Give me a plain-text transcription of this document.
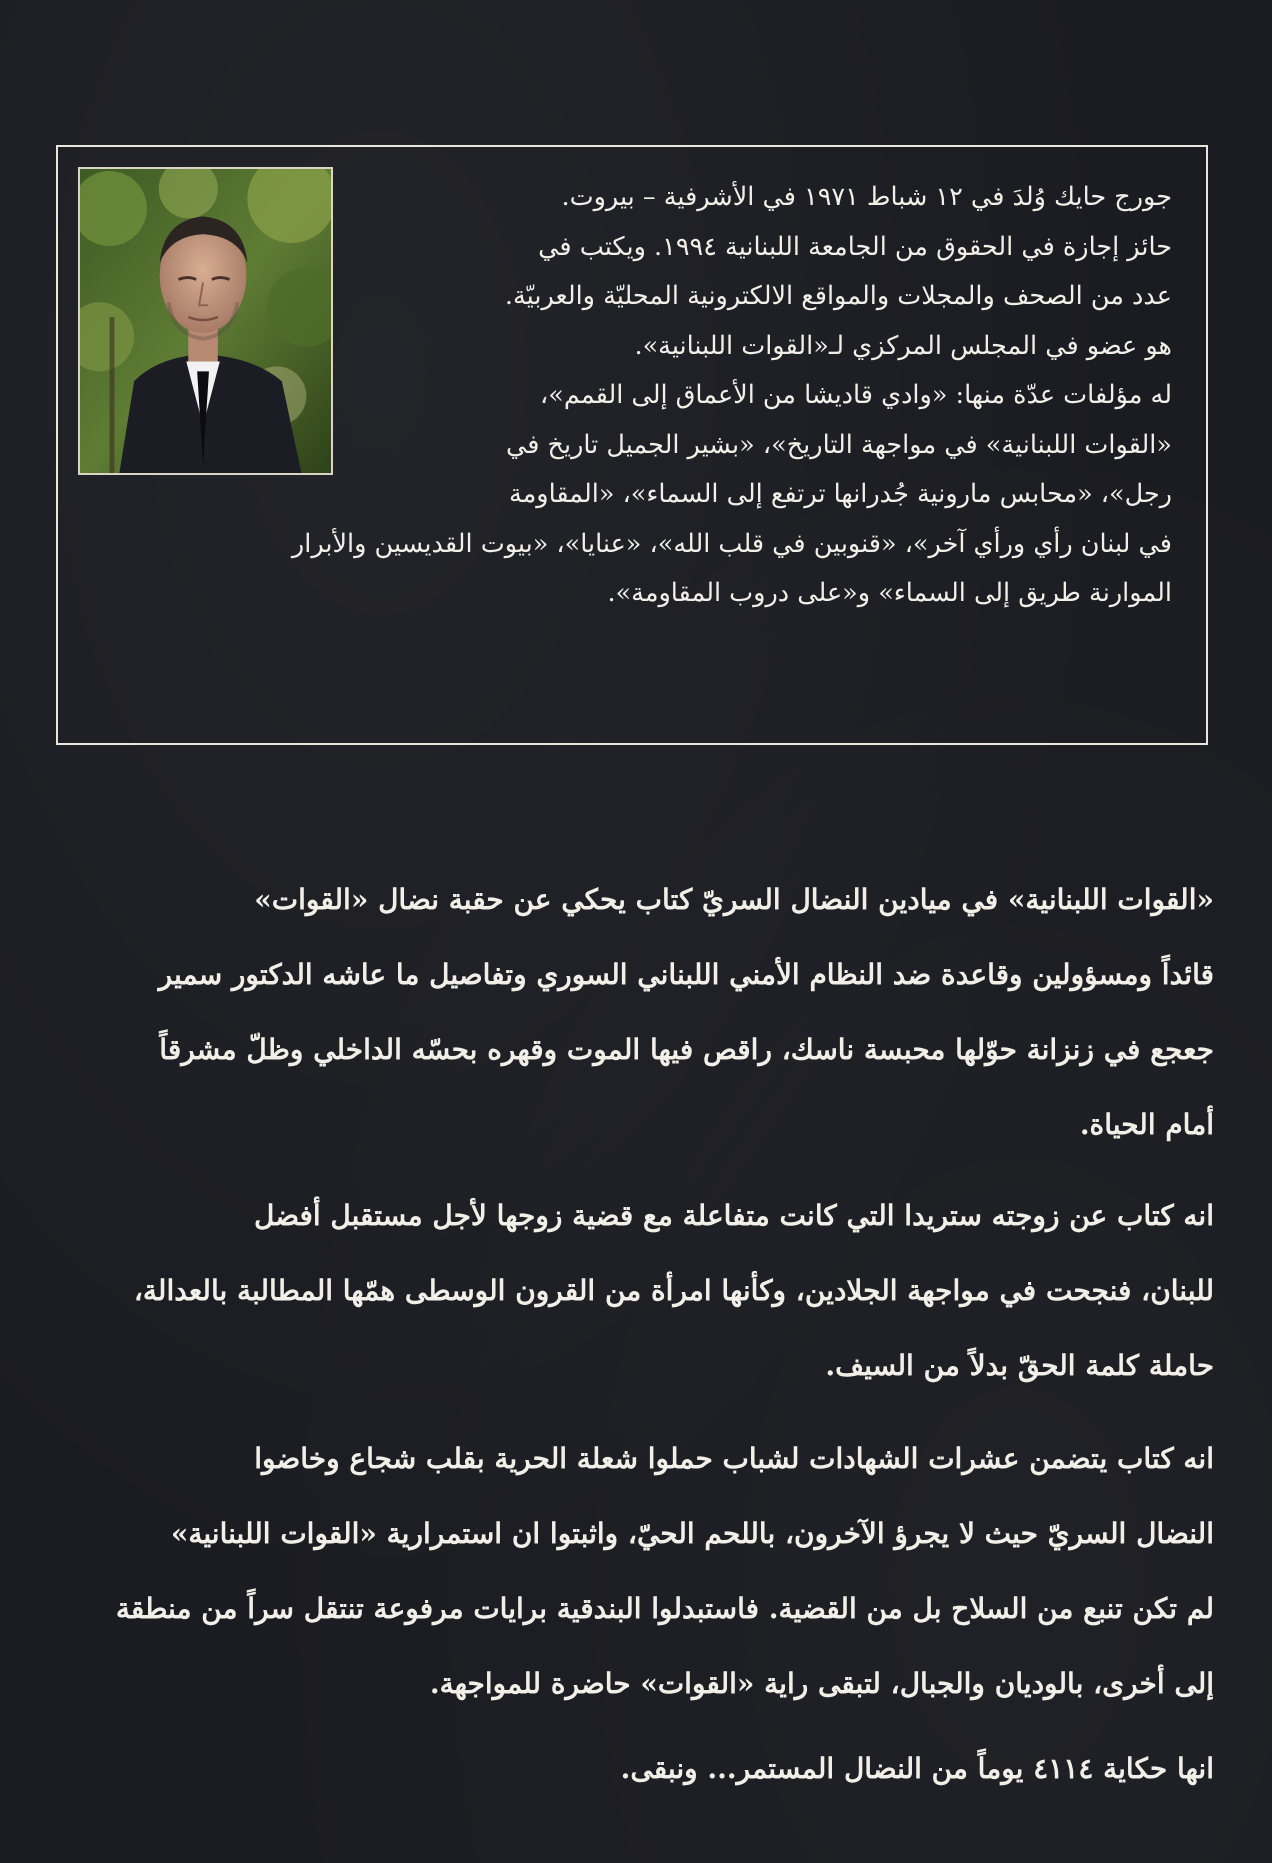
جورج حايك وُلدَ في ١٢ شباط ١٩٧١ في الأشرفية – بيروت.
حائز إجازة في الحقوق من الجامعة اللبنانية ١٩٩٤. ويكتب في
عدد من الصحف والمجلات والمواقع الالكترونية المحليّة والعربيّة.
هو عضو في المجلس المركزي لـ«القوات اللبنانية».
له مؤلفات عدّة منها: «وادي قاديشا من الأعماق إلى القمم»،
«القوات اللبنانية» في مواجهة التاريخ»، «بشير الجميل تاريخ في
رجل»، «محابس مارونية جُدرانها ترتفع إلى السماء»، «المقاومة
في لبنان رأي ورأي آخر»، «قنوبين في قلب الله»، «عنايا»، «بيوت القديسين والأبرار
الموارنة طريق إلى السماء» و«على دروب المقاومة».
«القوات اللبنانية» في ميادين النضال السريّ كتاب يحكي عن حقبة نضال «القوات»
قائداً ومسؤولين وقاعدة ضد النظام الأمني اللبناني السوري وتفاصيل ما عاشه الدكتور سمير
جعجع في زنزانة حوّلها محبسة ناسك، راقص فيها الموت وقهره بحسّه الداخلي وظلّ مشرقاً
أمام الحياة.
انه كتاب عن زوجته ستريدا التي كانت متفاعلة مع قضية زوجها لأجل مستقبل أفضل
للبنان، فنجحت في مواجهة الجلادين، وكأنها امرأة من القرون الوسطى همّها المطالبة بالعدالة،
حاملة كلمة الحقّ بدلاً من السيف.
انه كتاب يتضمن عشرات الشهادات لشباب حملوا شعلة الحرية بقلب شجاع وخاضوا
النضال السريّ حيث لا يجرؤ الآخرون، باللحم الحيّ، واثبتوا ان استمرارية «القوات اللبنانية»
لم تكن تنبع من السلاح بل من القضية. فاستبدلوا البندقية برايات مرفوعة تنتقل سراً من منطقة
إلى أخرى، بالوديان والجبال، لتبقى راية «القوات» حاضرة للمواجهة.
انها حكاية ٤١١٤ يوماً من النضال المستمر... ونبقى.
